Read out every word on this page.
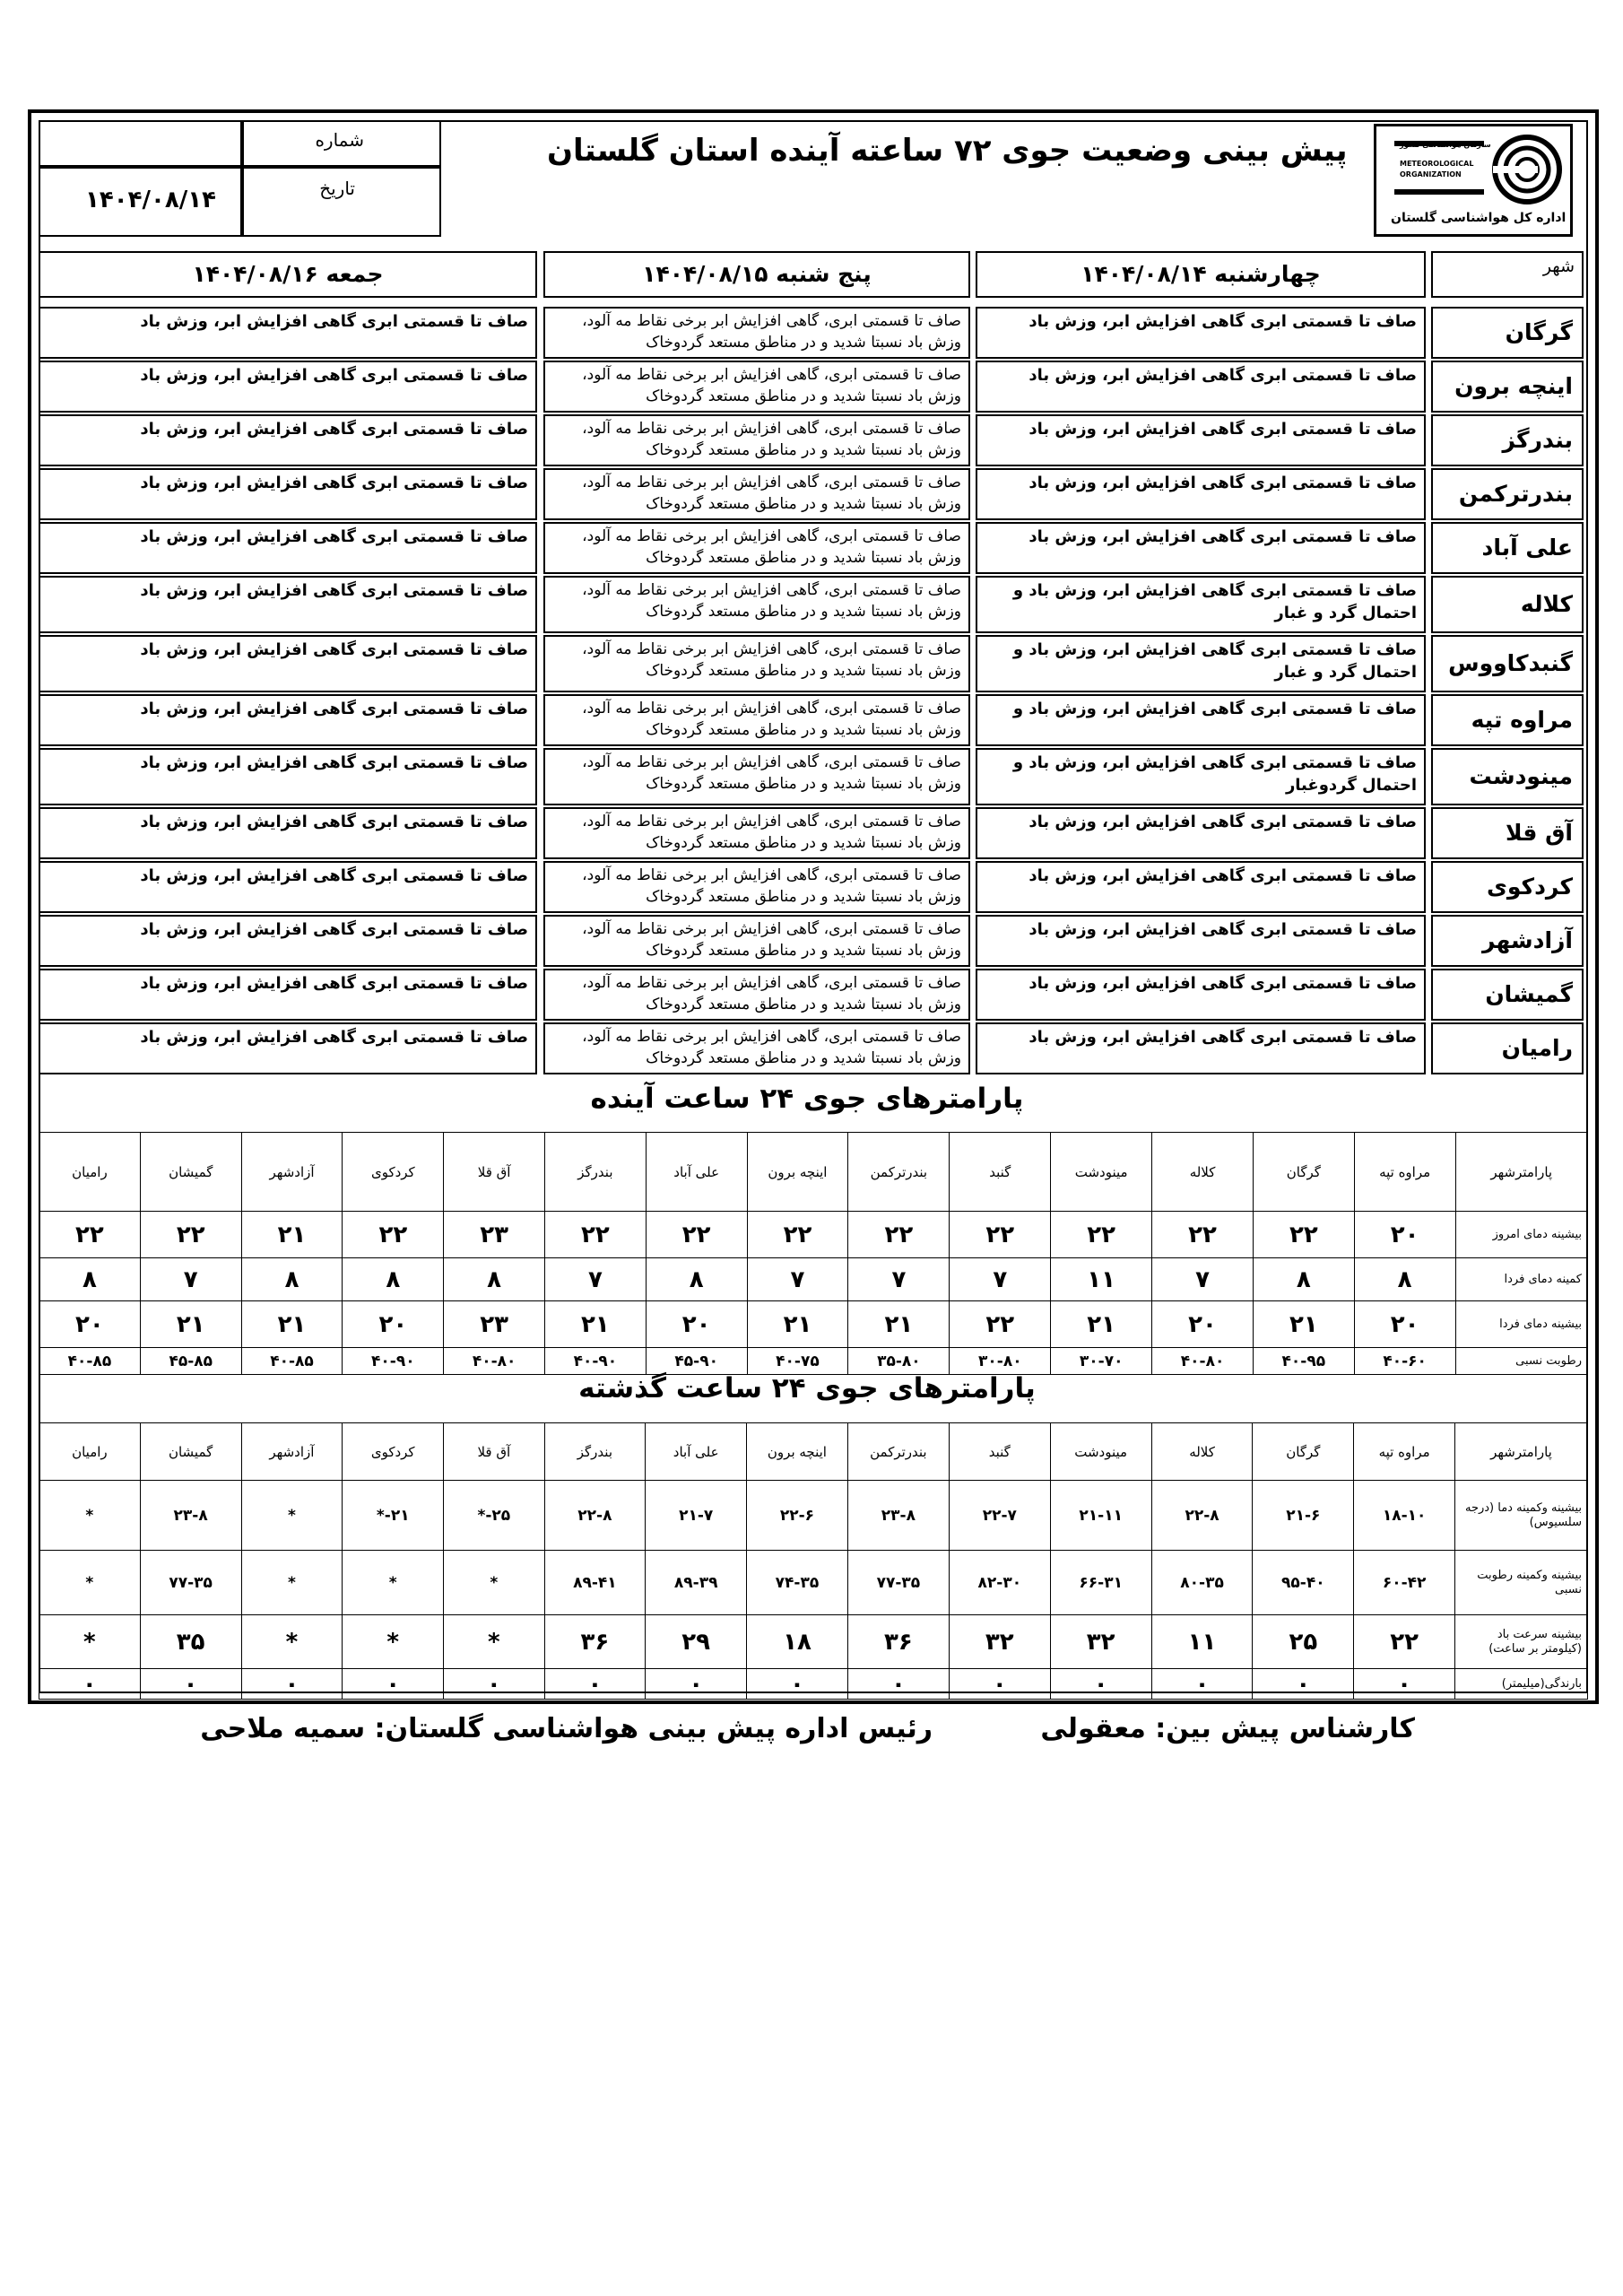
شماره
۱۴۰۴/۰۸/۱۴	تاریخ
پیش بینی وضعیت جوی ۷۲ ساعته آینده استان گلستان	سازمان هواشناسی کشور
METEOROLOGICAL ORGANIZATION
اداره کل هواشناسی گلستان
شهر
چهارشنبه ۱۴۰۴/۰۸/۱۴
پنج شنبه ۱۴۰۴/۰۸/۱۵
جمعه ۱۴۰۴/۰۸/۱۶
گرگان
صاف تا قسمتی ابری گاهی افزایش ابر، وزش باد
صاف تا قسمتی ابری، گاهی افزایش ابر برخی نقاط مه آلود، وزش باد نسبتا شدید و در مناطق مستعد گردوخاک
صاف تا قسمتی ابری گاهی افزایش ابر، وزش باد
اینچه برون
صاف تا قسمتی ابری گاهی افزایش ابر، وزش باد
صاف تا قسمتی ابری، گاهی افزایش ابر برخی نقاط مه آلود، وزش باد نسبتا شدید و در مناطق مستعد گردوخاک
صاف تا قسمتی ابری گاهی افزایش ابر، وزش باد
بندرگز
صاف تا قسمتی ابری گاهی افزایش ابر، وزش باد
صاف تا قسمتی ابری، گاهی افزایش ابر برخی نقاط مه آلود، وزش باد نسبتا شدید و در مناطق مستعد گردوخاک
صاف تا قسمتی ابری گاهی افزایش ابر، وزش باد
بندرترکمن
صاف تا قسمتی ابری گاهی افزایش ابر، وزش باد
صاف تا قسمتی ابری، گاهی افزایش ابر برخی نقاط مه آلود، وزش باد نسبتا شدید و در مناطق مستعد گردوخاک
صاف تا قسمتی ابری گاهی افزایش ابر، وزش باد
علی آباد
صاف تا قسمتی ابری گاهی افزایش ابر، وزش باد
صاف تا قسمتی ابری، گاهی افزایش ابر برخی نقاط مه آلود، وزش باد نسبتا شدید و در مناطق مستعد گردوخاک
صاف تا قسمتی ابری گاهی افزایش ابر، وزش باد
کلاله
صاف تا قسمتی ابری گاهی افزایش ابر، وزش باد و احتمال گرد و غبار
صاف تا قسمتی ابری، گاهی افزایش ابر برخی نقاط مه آلود، وزش باد نسبتا شدید و در مناطق مستعد گردوخاک
صاف تا قسمتی ابری گاهی افزایش ابر، وزش باد
گنبدکاووس
صاف تا قسمتی ابری گاهی افزایش ابر، وزش باد و احتمال گرد و غبار
صاف تا قسمتی ابری، گاهی افزایش ابر برخی نقاط مه آلود، وزش باد نسبتا شدید و در مناطق مستعد گردوخاک
صاف تا قسمتی ابری گاهی افزایش ابر، وزش باد
مراوه تپه
صاف تا قسمتی ابری گاهی افزایش ابر، وزش باد و
صاف تا قسمتی ابری، گاهی افزایش ابر برخی نقاط مه آلود، وزش باد نسبتا شدید و در مناطق مستعد گردوخاک
صاف تا قسمتی ابری گاهی افزایش ابر، وزش باد
مینودشت
صاف تا قسمتی ابری گاهی افزایش ابر، وزش باد و احتمال گردوغبار
صاف تا قسمتی ابری، گاهی افزایش ابر برخی نقاط مه آلود، وزش باد نسبتا شدید و در مناطق مستعد گردوخاک
صاف تا قسمتی ابری گاهی افزایش ابر، وزش باد
آق قلا
صاف تا قسمتی ابری گاهی افزایش ابر، وزش باد
صاف تا قسمتی ابری، گاهی افزایش ابر برخی نقاط مه آلود، وزش باد نسبتا شدید و در مناطق مستعد گردوخاک
صاف تا قسمتی ابری گاهی افزایش ابر، وزش باد
کردکوی
صاف تا قسمتی ابری گاهی افزایش ابر، وزش باد
صاف تا قسمتی ابری، گاهی افزایش ابر برخی نقاط مه آلود، وزش باد نسبتا شدید و در مناطق مستعد گردوخاک
صاف تا قسمتی ابری گاهی افزایش ابر، وزش باد
آزادشهر
صاف تا قسمتی ابری گاهی افزایش ابر، وزش باد
صاف تا قسمتی ابری، گاهی افزایش ابر برخی نقاط مه آلود، وزش باد نسبتا شدید و در مناطق مستعد گردوخاک
صاف تا قسمتی ابری گاهی افزایش ابر، وزش باد
گمیشان
صاف تا قسمتی ابری گاهی افزایش ابر، وزش باد
صاف تا قسمتی ابری، گاهی افزایش ابر برخی نقاط مه آلود، وزش باد نسبتا شدید و در مناطق مستعد گردوخاک
صاف تا قسمتی ابری گاهی افزایش ابر، وزش باد
رامیان
صاف تا قسمتی ابری گاهی افزایش ابر، وزش باد
صاف تا قسمتی ابری، گاهی افزایش ابر برخی نقاط مه آلود، وزش باد نسبتا شدید و در مناطق مستعد گردوخاک
صاف تا قسمتی ابری گاهی افزایش ابر، وزش باد
پارامترهای جوی ۲۴ ساعت آینده
پارامترشهر	مراوه تپه	گرگان	کلاله	مینودشت	گنبد	بندرترکمن	اینچه برون	علی آباد	بندرگز	آق قلا	کردکوی	آزادشهر	گمیشان	رامیان
بیشینه دمای امروز	۲۰	۲۲	۲۲	۲۲	۲۲	۲۲	۲۲	۲۲	۲۲	۲۳	۲۲	۲۱	۲۲	۲۲
کمینه دمای فردا	۸	۸	۷	۱۱	۷	۷	۷	۸	۷	۸	۸	۸	۷	۸
بیشینه دمای فردا	۲۰	۲۱	۲۰	۲۱	۲۲	۲۱	۲۱	۲۰	۲۱	۲۳	۲۰	۲۱	۲۱	۲۰
رطوبت نسبی	۴۰-۶۰	۴۰-۹۵	۴۰-۸۰	۳۰-۷۰	۳۰-۸۰	۳۵-۸۰	۴۰-۷۵	۴۵-۹۰	۴۰-۹۰	۴۰-۸۰	۴۰-۹۰	۴۰-۸۵	۴۵-۸۵	۴۰-۸۵
پارامترهای جوی ۲۴ ساعت گذشته
پارامترشهر	مراوه تپه	گرگان	کلاله	مینودشت	گنبد	بندرترکمن	اینچه برون	علی آباد	بندرگز	آق قلا	کردکوی	آزادشهر	گمیشان	رامیان
بیشینه وکمینه دما (درجه سلسیوس)	۱۸-۱۰	۲۱-۶	۲۲-۸	۲۱-۱۱	۲۲-۷	۲۳-۸	۲۲-۶	۲۱-۷	۲۲-۸	۲۵-*	۲۱-*	*	۲۳-۸	*
بیشینه وکمینه رطوبت نسبی	۶۰-۴۲	۹۵-۴۰	۸۰-۳۵	۶۶-۳۱	۸۲-۳۰	۷۷-۳۵	۷۴-۳۵	۸۹-۳۹	۸۹-۴۱	*	*	*	۷۷-۳۵	*
بیشینه سرعت باد (کیلومتر بر ساعت)	۲۲	۲۵	۱۱	۳۲	۳۲	۳۶	۱۸	۲۹	۳۶	*	*	*	۳۵	*
بارندگی(میلیمتر)	۰	۰	۰	۰	۰	۰	۰	۰	۰	۰	۰	۰	۰	۰
کارشناس پیش بین: معقولی
رئیس اداره پیش بینی هواشناسی گلستان: سمیه ملاحی
